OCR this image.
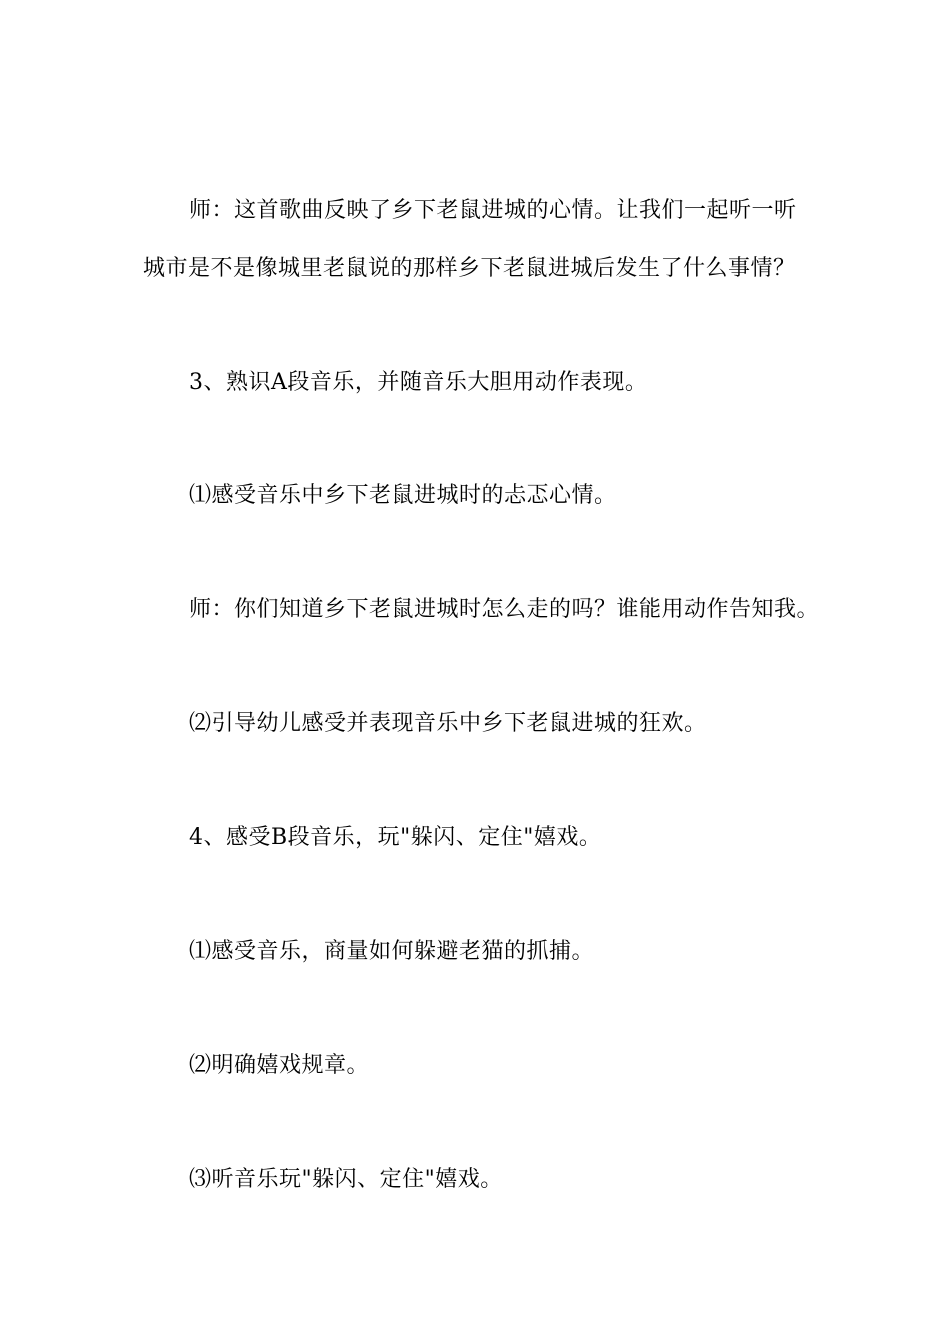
师：这首歌曲反映了乡下老鼠进城的心情。让我们一起听一听
城市是不是像城里老鼠说的那样乡下老鼠进城后发生了什么事情？
3、熟识A段音乐，并随音乐大胆用动作表现。
⑴感受音乐中乡下老鼠进城时的忐忑心情。
师：你们知道乡下老鼠进城时怎么走的吗？谁能用动作告知我。
⑵引导幼儿感受并表现音乐中乡下老鼠进城的狂欢。
4、感受B段音乐，玩"躲闪、定住"嬉戏。
⑴感受音乐，商量如何躲避老猫的抓捕。
⑵明确嬉戏规章。
⑶听音乐玩"躲闪、定住"嬉戏。
